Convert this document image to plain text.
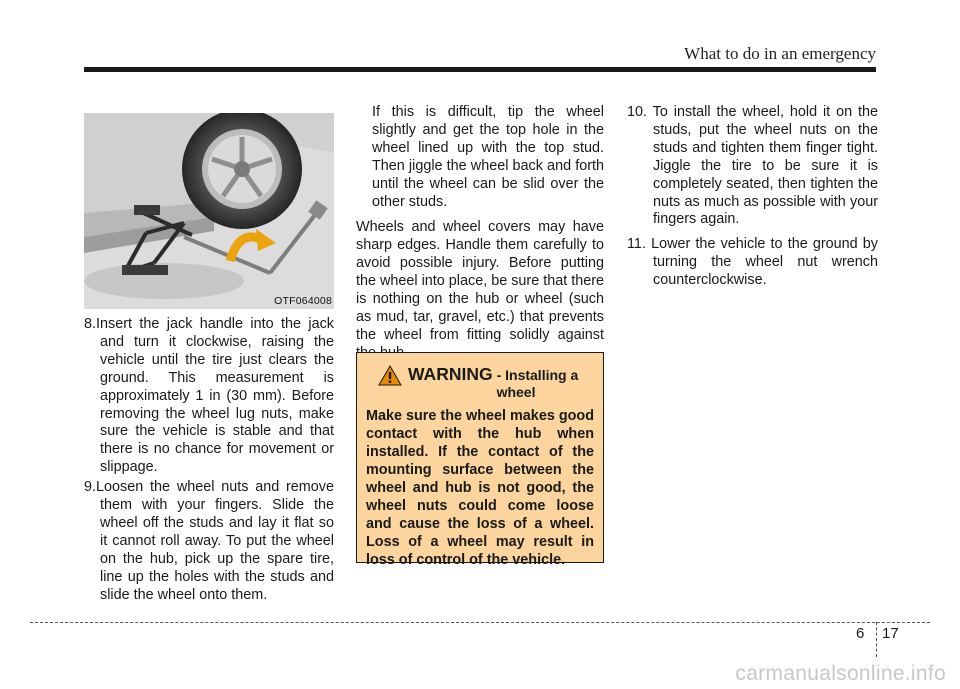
What to do in an emergency
OTF064008

8.Insert the jack handle into the jack and turn it clockwise, raising the vehicle until the tire just clears the ground. This measurement is approximately 1 in (30 mm). Before removing the wheel lug nuts, make sure the vehicle is stable and that there is no chance for movement or slippage.

9.Loosen the wheel nuts and remove them with your fingers. Slide the wheel off the studs and lay it flat so it cannot roll away. To put the wheel on the hub, pick up the spare tire, line up the holes with the studs and slide the wheel onto them.

If this is difficult, tip the wheel slightly and get the top hole in the wheel lined up with the top stud. Then jiggle the wheel back and forth until the wheel can be slid over the other studs.

Wheels and wheel covers may have sharp edges. Handle them carefully to avoid possible injury. Before putting the wheel into place, be sure that there is nothing on the hub or wheel (such as mud, tar, gravel, etc.) that prevents the wheel from fitting solidly against

WARNING - Installing a wheel

Make sure the wheel makes good contact with the hub when installed. If the contact of the mounting surface between the wheel and hub is not good, the wheel nuts could come loose and cause the loss of a wheel. Loss of a wheel may result in loss of control of the vehicle.

10. To install the wheel, hold it on the studs, put the wheel nuts on the studs and tighten them finger tight. Jiggle the tire to be sure it is completely seated, then tighten the nuts as much as possible with your fingers again.

11. Lower the vehicle to the ground by turning the wheel nut wrench counterclockwise.

6 17
carmanualsonline.info
